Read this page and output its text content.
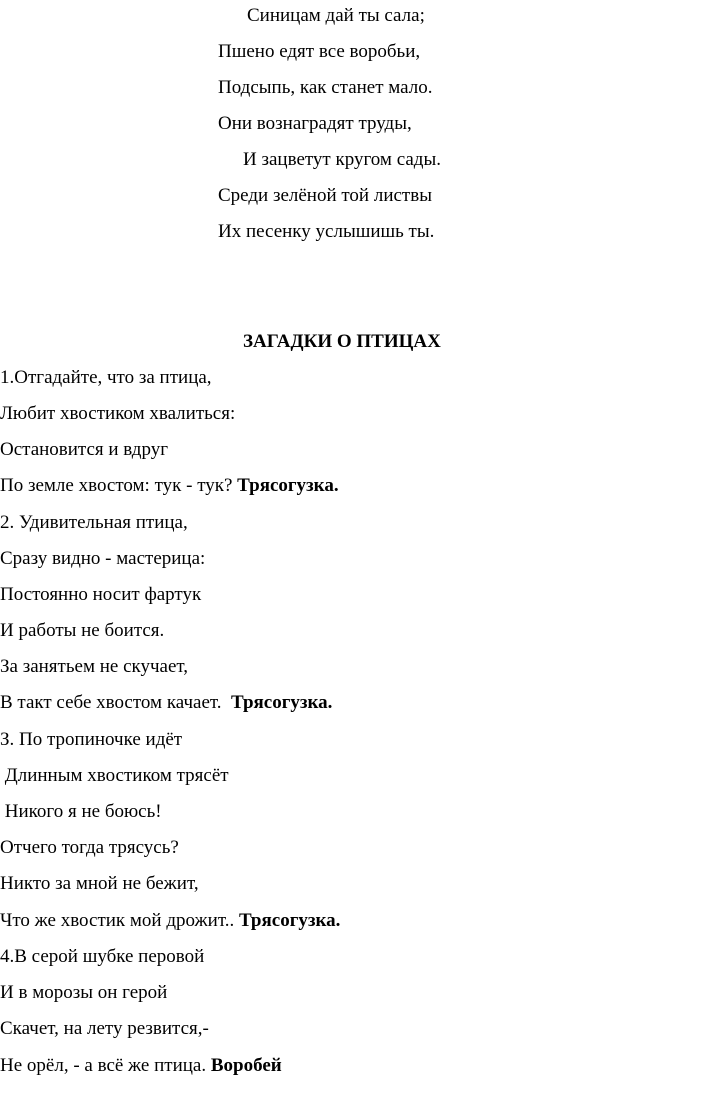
Синицам дай ты сала;
Пшено едят все воробьи,
Подсыпь, как станет мало.
Они вознаградят труды,
И зацветут кругом сады.
Среди зелёной той листвы
Их песенку услышишь ты.
ЗАГАДКИ О ПТИЦАХ
1.Отгадайте, что за птица,
Любит хвостиком хвалиться:
Остановится и вдруг
По земле хвостом: тук - тук? Трясогузка.
2. Удивительная птица,
Сразу видно - мастерица:
Постоянно носит фартук
И работы не боится.
За занятьем не скучает,
В такт себе хвостом качает.  Трясогузка.
З. По тропиночке идёт
Длинным хвостиком трясёт
Никого я не боюсь!
Отчего тогда трясусь?
Никто за мной не бежит,
Что же хвостик мой дрожит.. Трясогузка.
4.В серой шубке перовой
И в морозы он герой
Скачет, на лету резвится,-
Не орёл, - а всё же птица. Воробей
